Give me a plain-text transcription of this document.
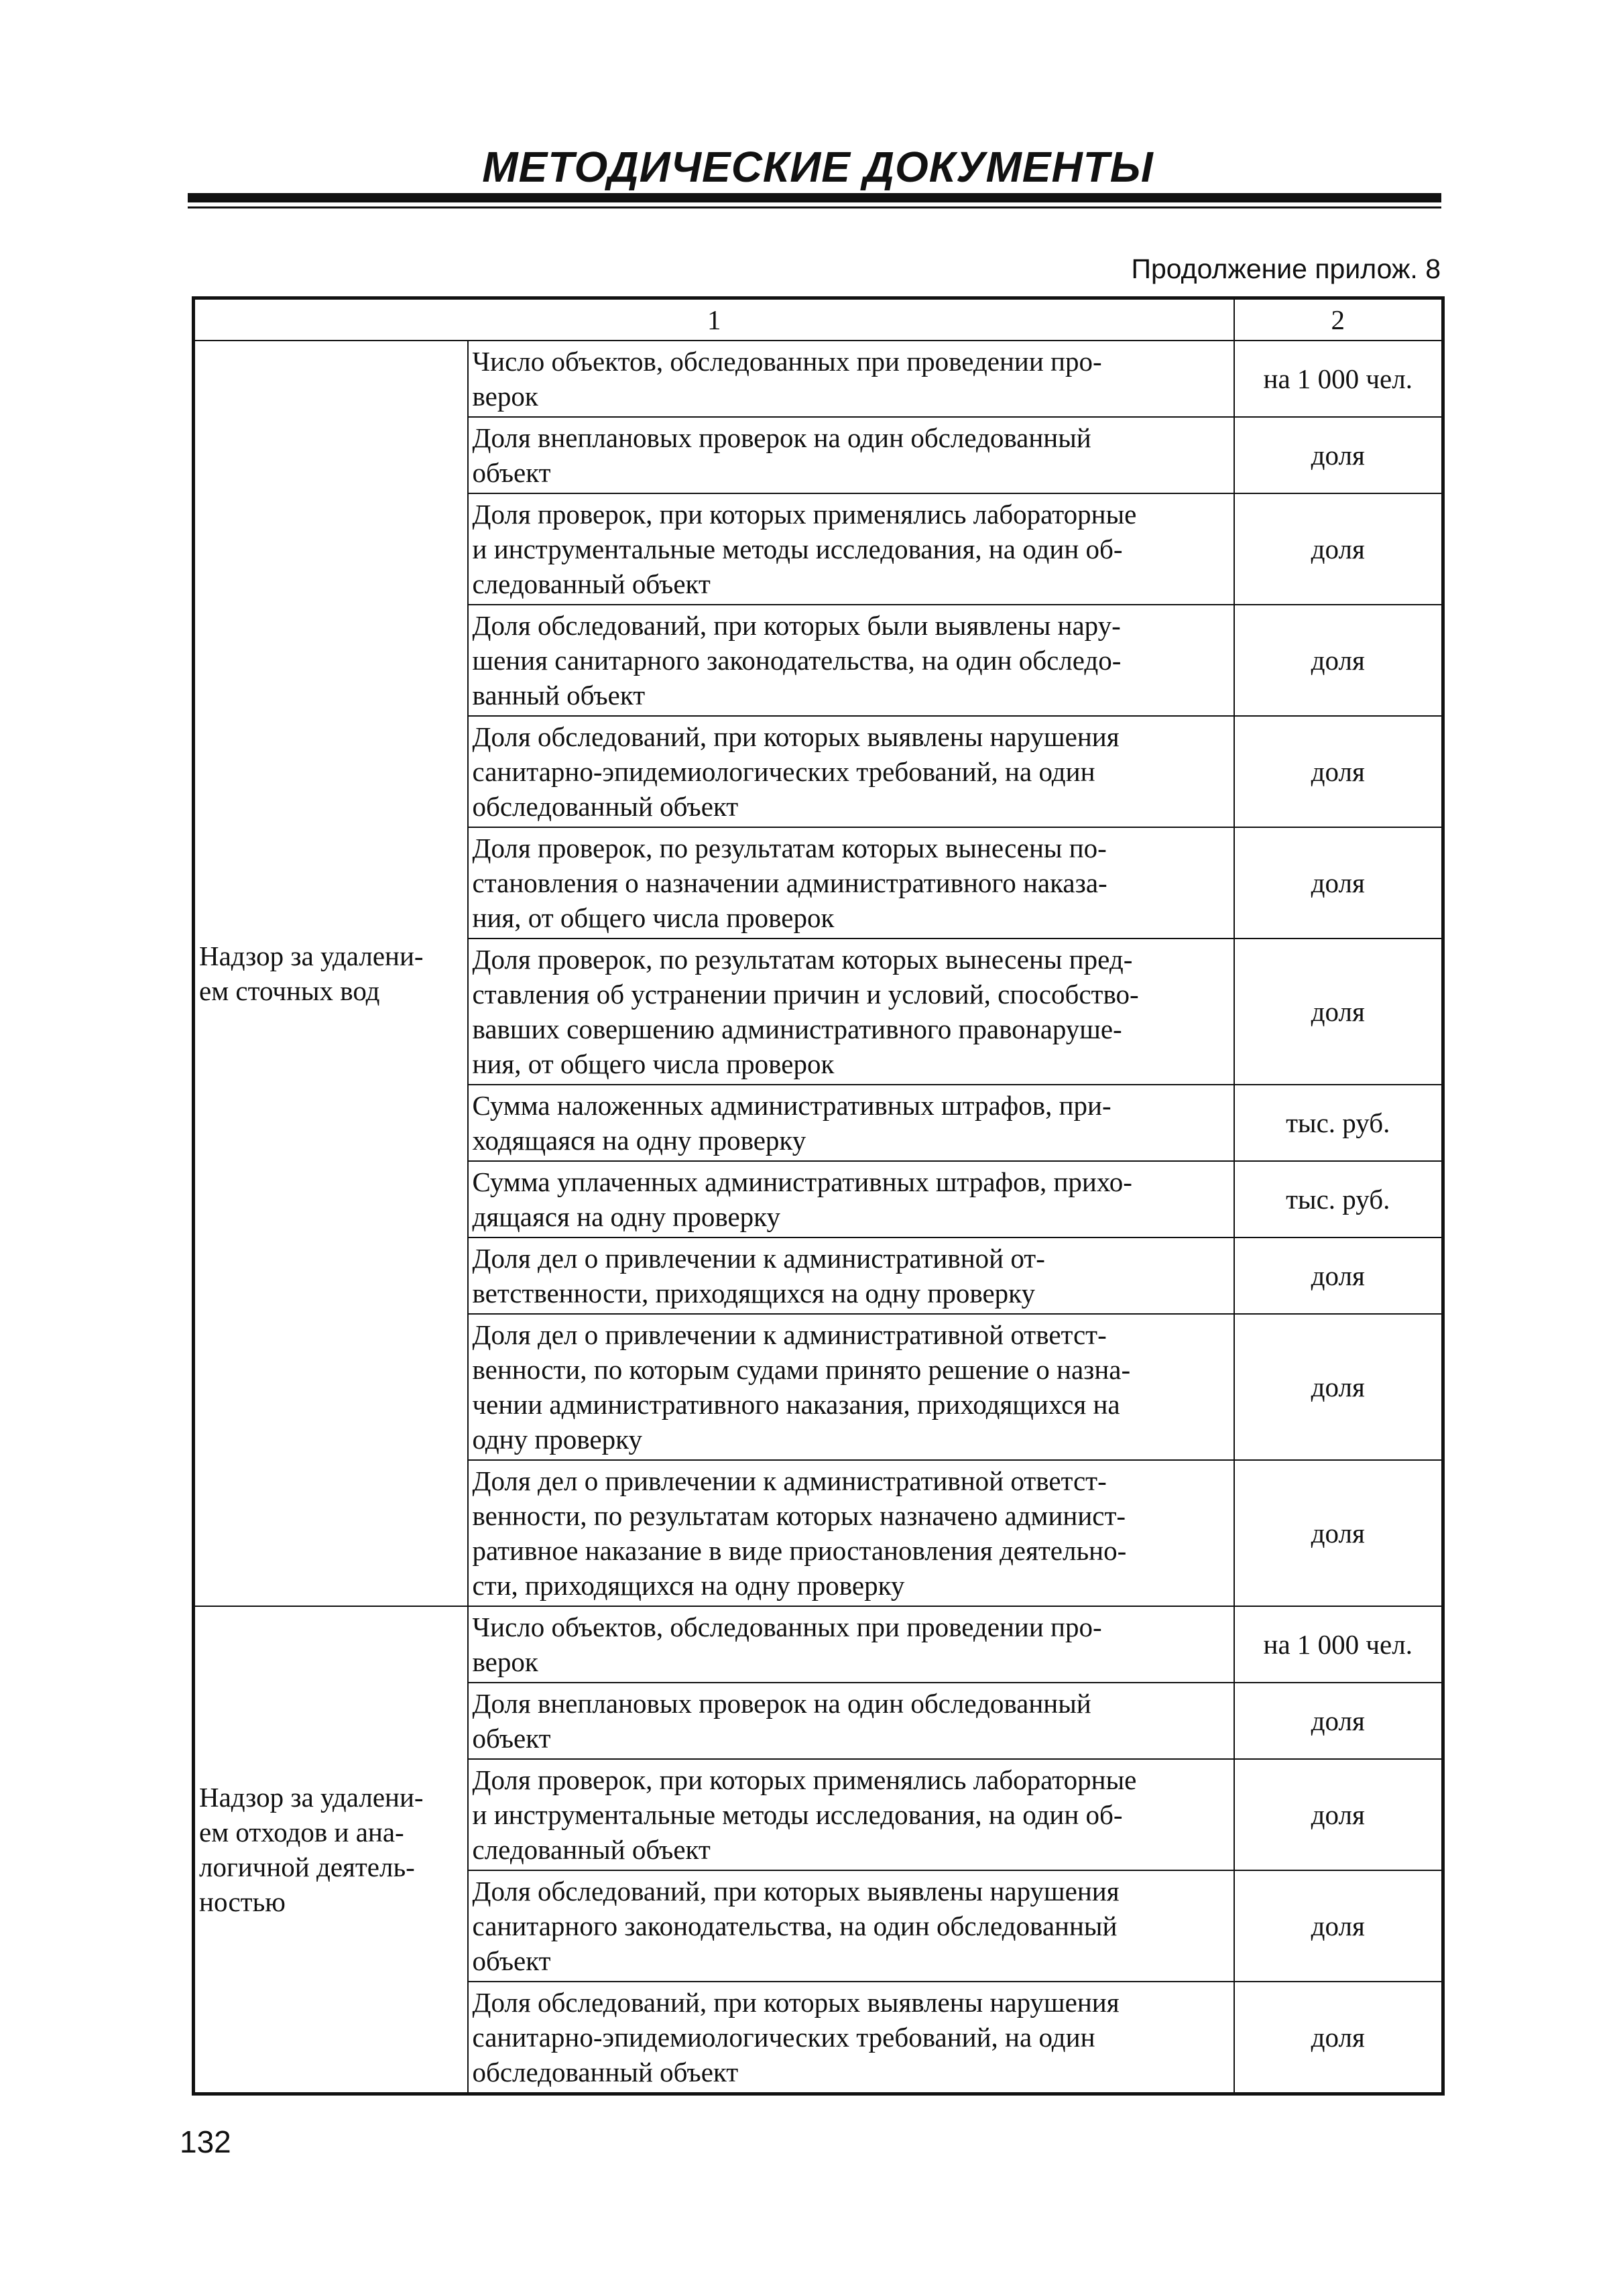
МЕТОДИЧЕСКИЕ ДОКУМЕНТЫ
Продолжение прилож. 8
1		2
Надзор за удалени-
ем сточных вод	Число объектов, обследованных при проведении про-
верок	на 1 000 чел.
	Доля внеплановых проверок на один обследованный
объект	доля
	Доля проверок, при которых применялись лабораторные
и инструментальные методы исследования, на один об-
следованный объект	доля
	Доля обследований, при которых были выявлены нару-
шения санитарного законодательства, на один обследо-
ванный объект	доля
	Доля обследований, при которых выявлены нарушения
санитарно-эпидемиологических требований, на один
обследованный объект	доля
	Доля проверок, по результатам которых вынесены по-
становления о назначении административного наказа-
ния, от общего числа проверок	доля
	Доля проверок, по результатам которых вынесены пред-
ставления об устранении причин и условий, способство-
вавших совершению административного правонаруше-
ния, от общего числа проверок	доля
	Сумма наложенных административных штрафов, при-
ходящаяся на одну проверку	тыс. руб.
	Сумма уплаченных административных штрафов, прихо-
дящаяся на одну проверку	тыс. руб.
	Доля дел о привлечении к административной от-
ветственности, приходящихся на одну проверку	доля
	Доля дел о привлечении к административной ответст-
венности, по которым судами принято решение о назна-
чении административного наказания, приходящихся на
одну проверку	доля
	Доля дел о привлечении к административной ответст-
венности, по результатам которых назначено админист-
ративное наказание в виде приостановления деятельно-
сти, приходящихся на одну проверку	доля
Надзор за удалени-
ем отходов и ана-
логичной деятель-
ностью	Число объектов, обследованных при проведении про-
верок	на 1 000 чел.
	Доля внеплановых проверок на один обследованный
объект	доля
	Доля проверок, при которых применялись лабораторные
и инструментальные методы исследования, на один об-
следованный объект	доля
	Доля обследований, при которых выявлены нарушения
санитарного законодательства, на один обследованный
объект	доля
	Доля обследований, при которых выявлены нарушения
санитарно-эпидемиологических требований, на один
обследованный объект	доля
132
